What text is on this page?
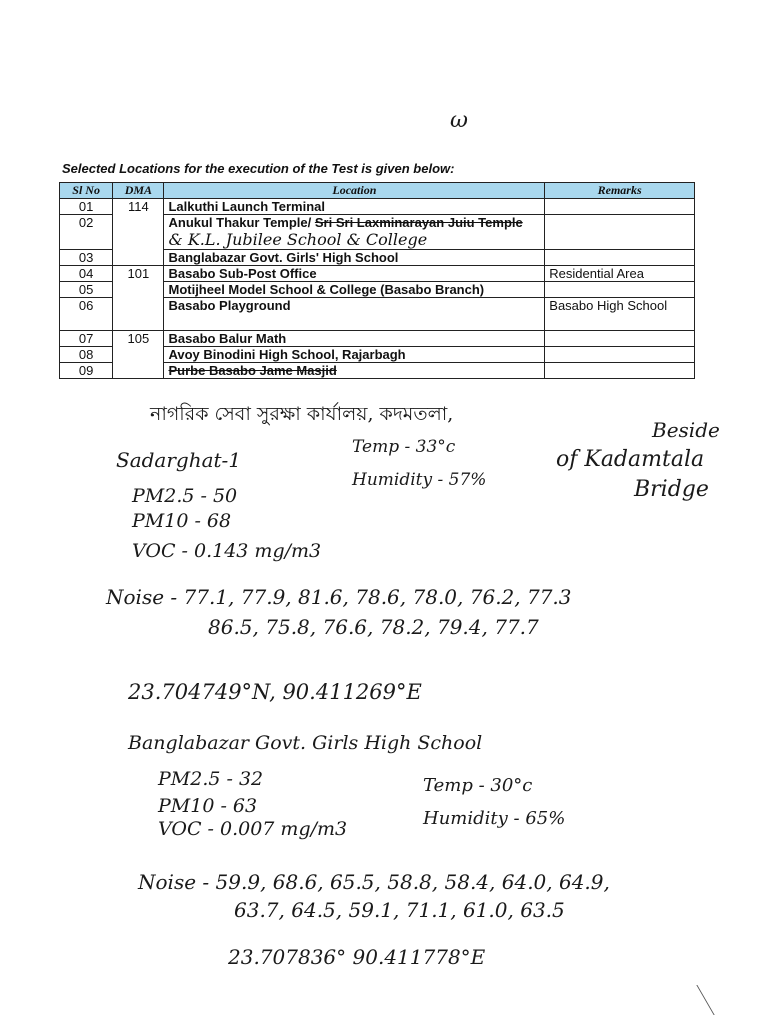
ω
Selected Locations for the execution of the Test is given below:
Sl No	DMA	Location	Remarks
01	114	Lalkuthi Launch Terminal	
02		Anukul Thakur Temple/ Sri Sri Laxminarayan Juiu Temple & K.L. Jubilee School & College	
03		Banglabazar Govt. Girls' High School	
04	101	Basabo Sub-Post Office	Residential Area
05		Motijheel Model School & College (Basabo Branch)	
06		Basabo Playground	Basabo High School
07	105	Basabo Balur Math	
08		Avoy Binodini High School, Rajarbagh	
09		Purbe Basabo Jame Masjid	
নাগরিক সেবা সুরক্ষা কার্যালয়, কদমতলা,
Beside
of Kadamtala
Bridge
Sadarghat-1
Temp - 33°c
Humidity - 57%
PM2.5 - 50
PM10 - 68
VOC - 0.143 mg/m3
Noise - 77.1, 77.9, 81.6, 78.6, 78.0, 76.2, 77.3
86.5, 75.8, 76.6, 78.2, 79.4, 77.7
23.704749°N, 90.411269°E
Banglabazar Govt. Girls High School
PM2.5 - 32
PM10 - 63
VOC - 0.007 mg/m3
Temp - 30°c
Humidity - 65%
Noise - 59.9, 68.6, 65.5, 58.8, 58.4, 64.0, 64.9,
63.7, 64.5, 59.1, 71.1, 61.0, 63.5
23.707836° 90.411778°E
